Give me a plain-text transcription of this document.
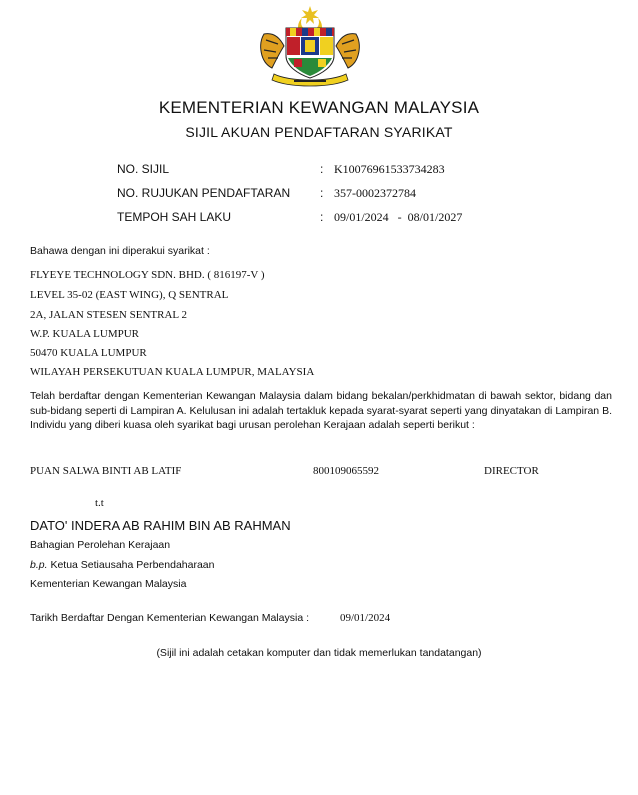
KEMENTERIAN KEWANGAN MALAYSIA
SIJIL AKUAN PENDAFTARAN SYARIKAT
NO. SIJIL	: K10076961533734283
NO. RUJUKAN PENDAFTARAN : 357-0002372784
TEMPOH SAH LAKU	: 09/01/2024   -  08/01/2027
Bahawa dengan ini diperakui syarikat :
FLYEYE TECHNOLOGY SDN. BHD. ( 816197-V )
LEVEL 35-02 (EAST WING), Q SENTRAL
2A, JALAN STESEN SENTRAL 2
W.P. KUALA LUMPUR
50470 KUALA LUMPUR
WILAYAH PERSEKUTUAN KUALA LUMPUR, MALAYSIA
Telah berdaftar dengan Kementerian Kewangan Malaysia dalam bidang bekalan/perkhidmatan di bawah sektor, bidang dan sub-bidang seperti di Lampiran A. Kelulusan ini adalah tertakluk kepada syarat-syarat seperti yang dinyatakan di Lampiran B. Individu yang diberi kuasa oleh syarikat bagi urusan perolehan Kerajaan adalah seperti berikut :
PUAN SALWA BINTI AB LATIF	800109065592	DIRECTOR
t.t
DATO' INDERA AB RAHIM BIN AB RAHMAN
Bahagian Perolehan Kerajaan
b.p. Ketua Setiausaha Perbendaharaan
Kementerian Kewangan Malaysia
Tarikh Berdaftar Dengan Kementerian Kewangan Malaysia :	09/01/2024
(Sijil ini adalah cetakan komputer dan tidak memerlukan tandatangan)
